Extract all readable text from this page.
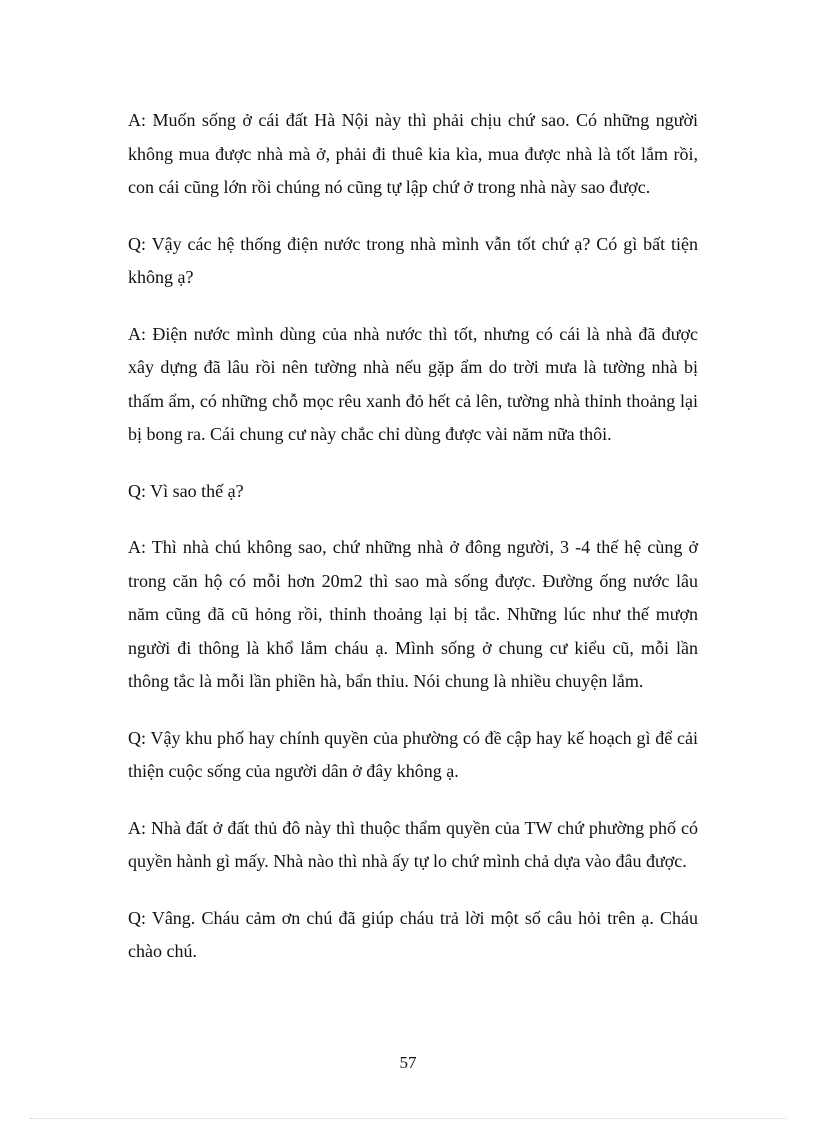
A: Muốn sống ở cái đất Hà Nội này thì phải chịu chứ sao. Có những người không mua được nhà mà ở, phải đi thuê kia kìa, mua được nhà là tốt lắm rồi, con cái cũng lớn rồi chúng nó cũng tự lập chứ ở trong nhà này sao được.

Q: Vậy các hệ thống điện nước trong nhà mình vẫn tốt chứ ạ? Có gì bất tiện không ạ?

A: Điện nước mình dùng của nhà nước thì tốt, nhưng có cái là nhà đã được xây dựng đã lâu rồi nên tường nhà nếu gặp ẩm do trời mưa là tường nhà bị thấm ẩm, có những chỗ mọc rêu xanh đỏ hết cả lên, tường nhà thỉnh thoảng lại bị bong ra. Cái chung cư này chắc chỉ dùng được vài năm nữa thôi.

Q: Vì sao thế ạ?

A: Thì nhà chú không sao, chứ những nhà ở đông người, 3 -4 thế hệ cùng ở trong căn hộ có mỗi hơn 20m2 thì sao mà sống được. Đường ống nước lâu năm cũng đã cũ hỏng rồi, thỉnh thoảng lại bị tắc. Những lúc như thế mượn người đi thông là khổ lắm cháu ạ. Mình sống ở chung cư kiểu cũ, mỗi lần thông tắc là mỗi lần phiền hà, bẩn thỉu. Nói chung là nhiều chuyện lắm.

Q: Vậy khu phố hay chính quyền của phường có đề cập hay kế hoạch gì để cải thiện cuộc sống của người dân ở đây không ạ.

A: Nhà đất ở đất thủ đô này thì thuộc thẩm quyền của TW chứ phường phố có quyền hành gì mấy. Nhà nào thì nhà ấy tự lo chứ mình chả dựa vào đâu được.

Q: Vâng. Cháu cảm ơn chú đã giúp cháu trả lời một số câu hỏi trên ạ. Cháu chào chú.

57
